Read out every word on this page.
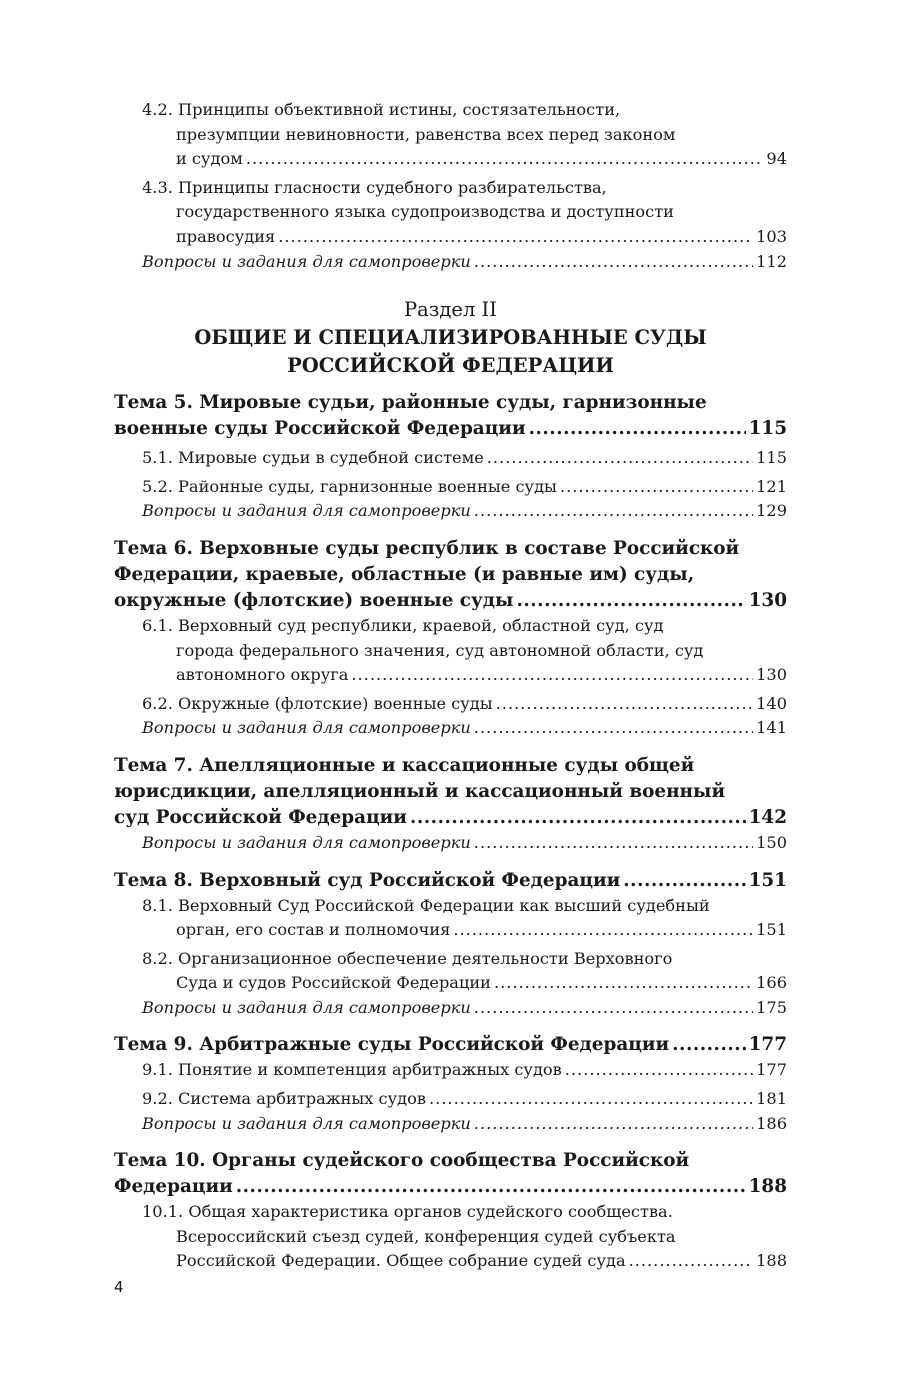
4.2. Принципы объективной истины, состязательности,
презумпции невиновности, равенства всех перед законом
и судом .....	94
4.3. Принципы гласности судебного разбирательства,
государственного языка судопроизводства и доступности
правосудия .....	103
Вопросы и задания для самопроверки .....	112
Раздел II
ОБЩИЕ И СПЕЦИАЛИЗИРОВАННЫЕ СУДЫ
РОССИЙСКОЙ ФЕДЕРАЦИИ
Тема 5. Мировые судьи, районные суды, гарнизонные
военные суды Российской Федерации .....	115
5.1. Мировые судьи в судебной системе .....	115
5.2. Районные суды, гарнизонные военные суды .....	121
Вопросы и задания для самопроверки .....	129
Тема 6. Верховные суды республик в составе Российской
Федерации, краевые, областные (и равные им) суды,
окружные (флотские) военные суды .....	130
6.1. Верховный суд республики, краевой, областной суд, суд
города федерального значения, суд автономной области, суд
автономного округа .....	130
6.2. Окружные (флотские) военные суды .....	140
Вопросы и задания для самопроверки .....	141
Тема 7. Апелляционные и кассационные суды общей
юрисдикции, апелляционный и кассационный военный
суд Российской Федерации .....	142
Вопросы и задания для самопроверки .....	150
Тема 8. Верховный суд Российской Федерации .....	151
8.1. Верховный Суд Российской Федерации как высший судебный
орган, его состав и полномочия .....	151
8.2. Организационное обеспечение деятельности Верховного
Суда и судов Российской Федерации .....	166
Вопросы и задания для самопроверки .....	175
Тема 9. Арбитражные суды Российской Федерации .....	177
9.1. Понятие и компетенция арбитражных судов .....	177
9.2. Система арбитражных судов .....	181
Вопросы и задания для самопроверки .....	186
Тема 10. Органы судейского сообщества Российской
Федерации .....	188
10.1. Общая характеристика органов судейского сообщества.
Всероссийский съезд судей, конференция судей субъекта
Российской Федерации. Общее собрание судей суда .....	188
4
